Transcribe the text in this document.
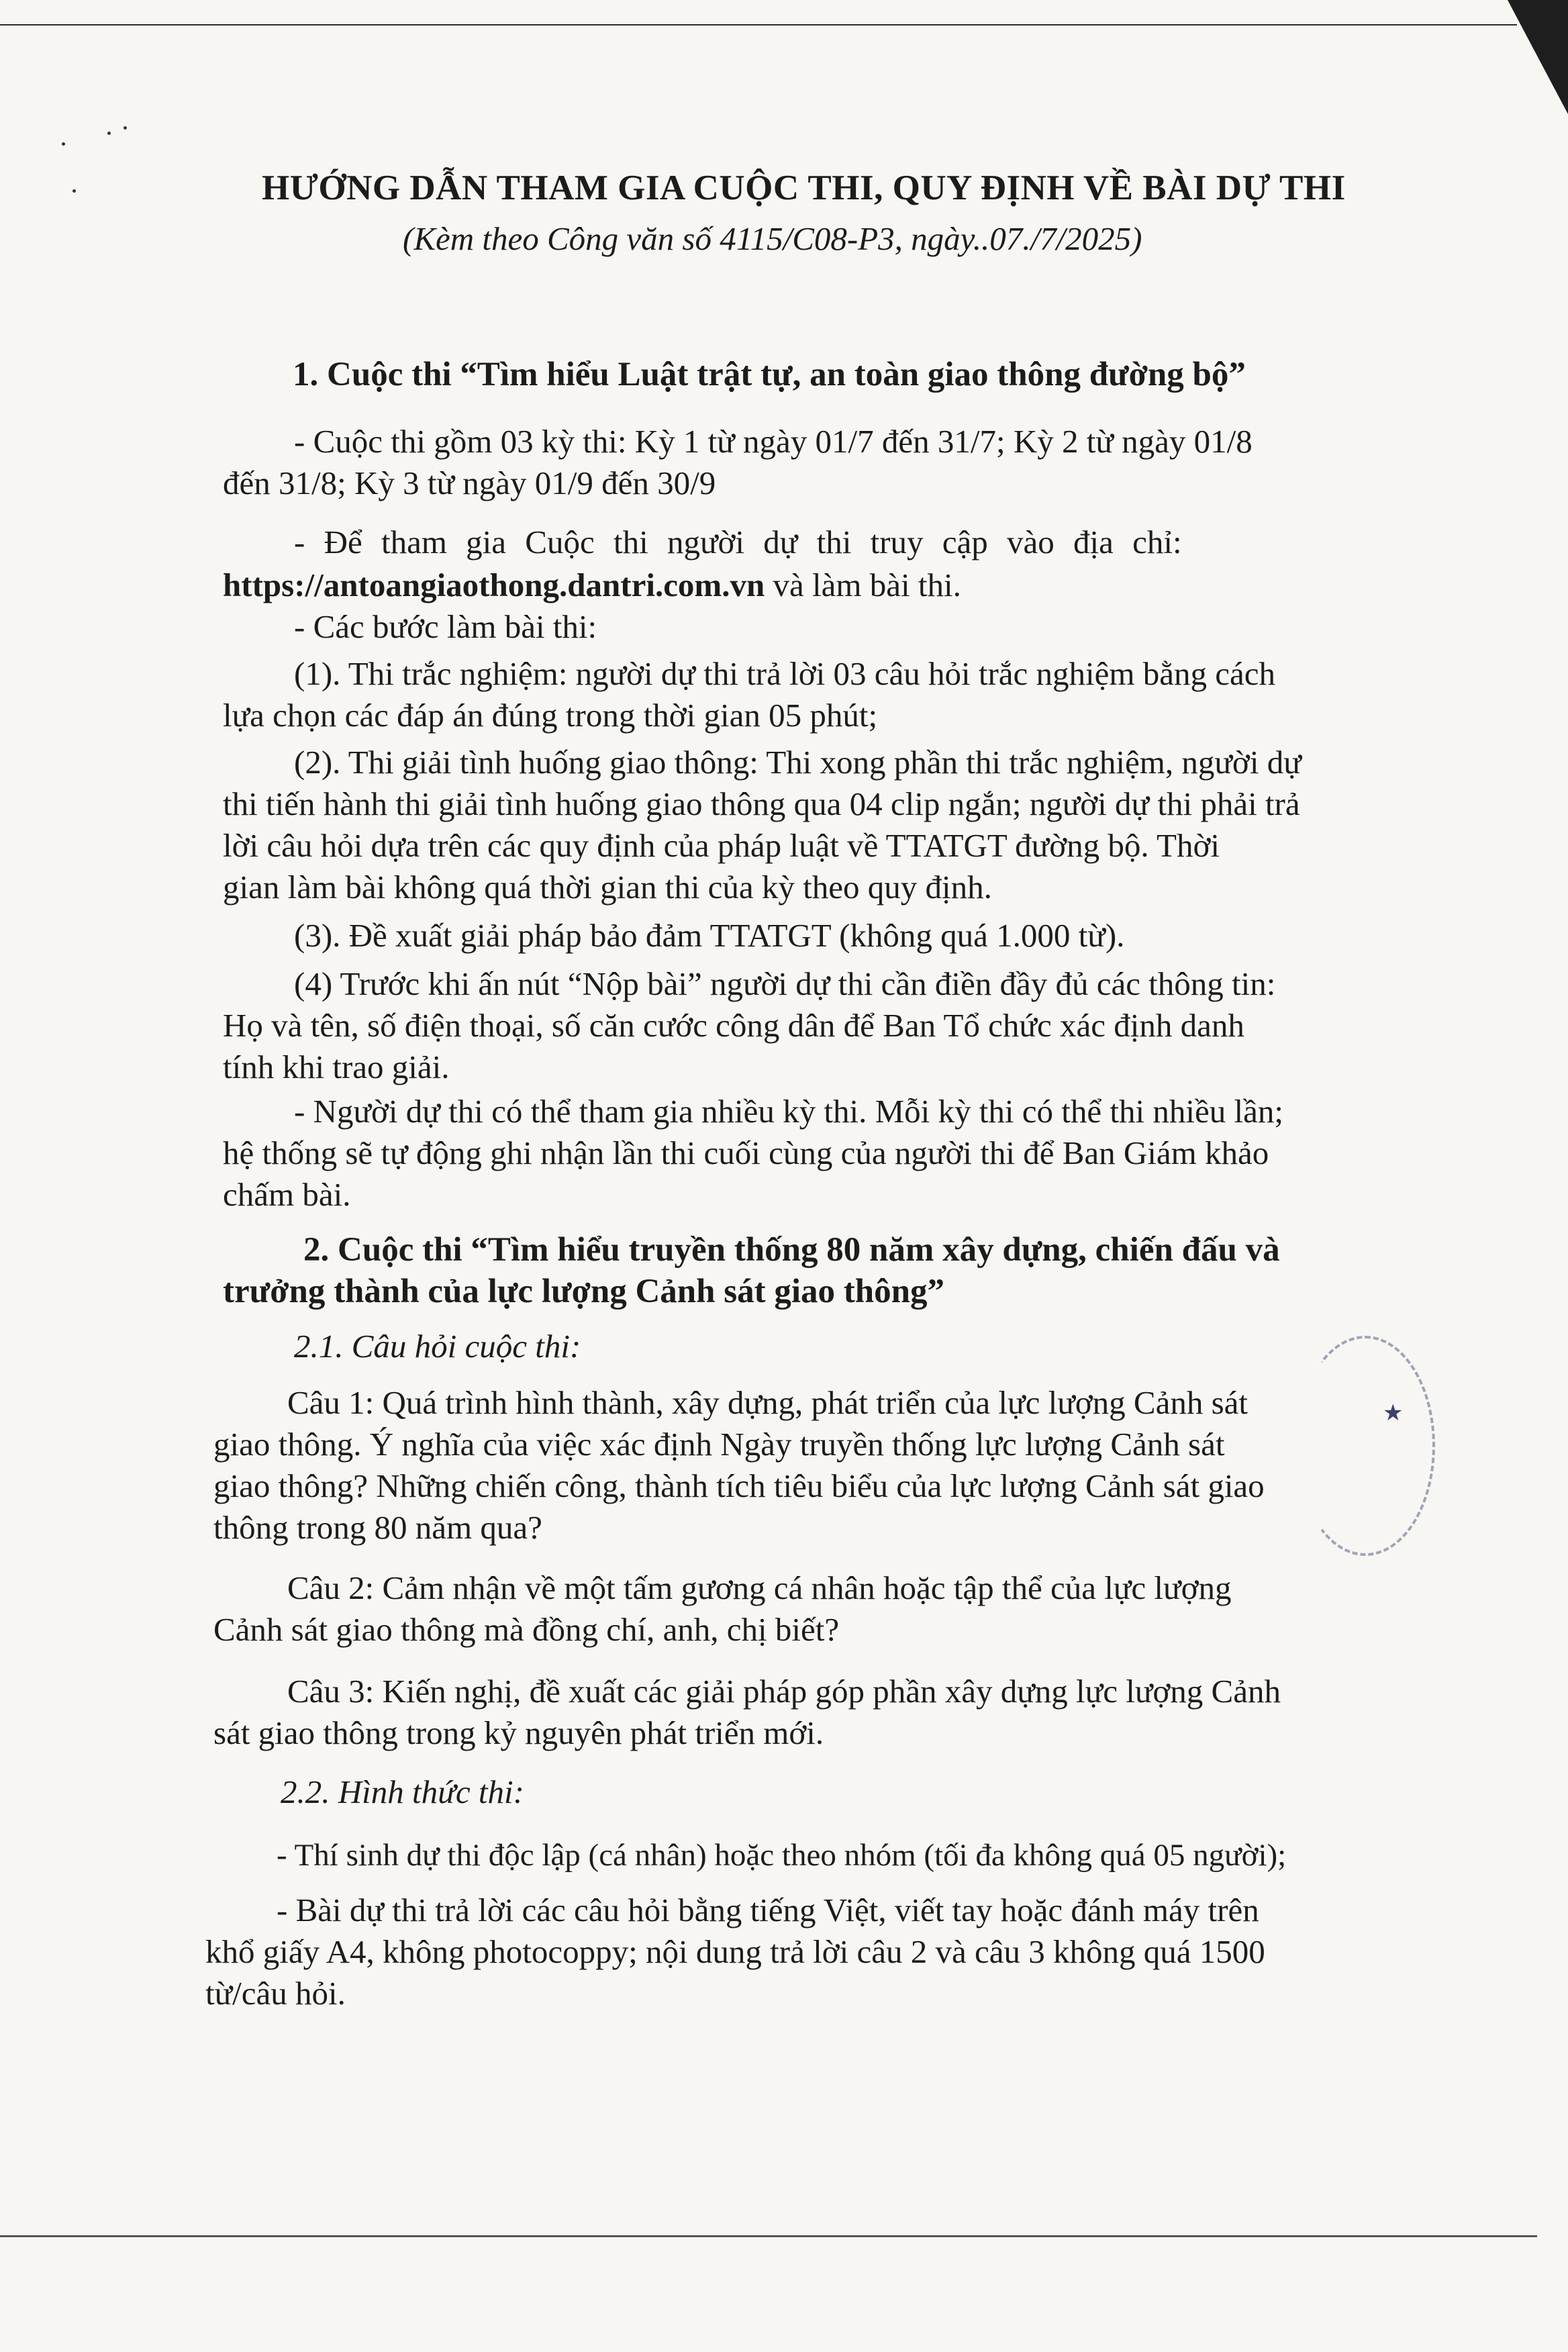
HƯỚNG DẪN THAM GIA CUỘC THI, QUY ĐỊNH VỀ BÀI DỰ THI
(Kèm theo Công văn số 4115/C08-P3, ngày..07./7/2025)
1. Cuộc thi “Tìm hiểu Luật trật tự, an toàn giao thông đường bộ”
- Cuộc thi gồm 03 kỳ thi: Kỳ 1 từ ngày 01/7 đến 31/7; Kỳ 2 từ ngày 01/8
đến 31/8; Kỳ 3 từ ngày 01/9 đến 30/9
- Để tham gia Cuộc thi người dự thi truy cập vào địa chỉ:
https://antoangiaothong.dantri.com.vn và làm bài thi.
- Các bước làm bài thi:
(1). Thi trắc nghiệm: người dự thi trả lời 03 câu hỏi trắc nghiệm bằng cách
lựa chọn các đáp án đúng trong thời gian 05 phút;
(2). Thi giải tình huống giao thông: Thi xong phần thi trắc nghiệm, người dự
thi tiến hành thi giải tình huống giao thông qua 04 clip ngắn; người dự thi phải trả
lời câu hỏi dựa trên các quy định của pháp luật về TTATGT đường bộ. Thời
gian làm bài không quá thời gian thi của kỳ theo quy định.
(3). Đề xuất giải pháp bảo đảm TTATGT (không quá 1.000 từ).
(4) Trước khi ấn nút “Nộp bài” người dự thi cần điền đầy đủ các thông tin:
Họ và tên, số điện thoại, số căn cước công dân để Ban Tổ chức xác định danh
tính khi trao giải.
- Người dự thi có thể tham gia nhiều kỳ thi. Mỗi kỳ thi có thể thi nhiều lần;
hệ thống sẽ tự động ghi nhận lần thi cuối cùng của người thi để Ban Giám khảo
chấm bài.
2. Cuộc thi “Tìm hiểu truyền thống 80 năm xây dựng, chiến đấu và
trưởng thành của lực lượng Cảnh sát giao thông”
2.1. Câu hỏi cuộc thi:
Câu 1: Quá trình hình thành, xây dựng, phát triển của lực lượng Cảnh sát
giao thông. Ý nghĩa của việc xác định Ngày truyền thống lực lượng Cảnh sát
giao thông? Những chiến công, thành tích tiêu biểu của lực lượng Cảnh sát giao
thông trong 80 năm qua?
Câu 2: Cảm nhận về một tấm gương cá nhân hoặc tập thể của lực lượng
Cảnh sát giao thông mà đồng chí, anh, chị biết?
Câu 3: Kiến nghị, đề xuất các giải pháp góp phần xây dựng lực lượng Cảnh
sát giao thông trong kỷ nguyên phát triển mới.
2.2. Hình thức thi:
- Thí sinh dự thi độc lập (cá nhân) hoặc theo nhóm (tối đa không quá 05 người);
- Bài dự thi trả lời các câu hỏi bằng tiếng Việt, viết tay hoặc đánh máy trên
khổ giấy A4, không photocoppy; nội dung trả lời câu 2 và câu 3 không quá 1500
từ/câu hỏi.
★
